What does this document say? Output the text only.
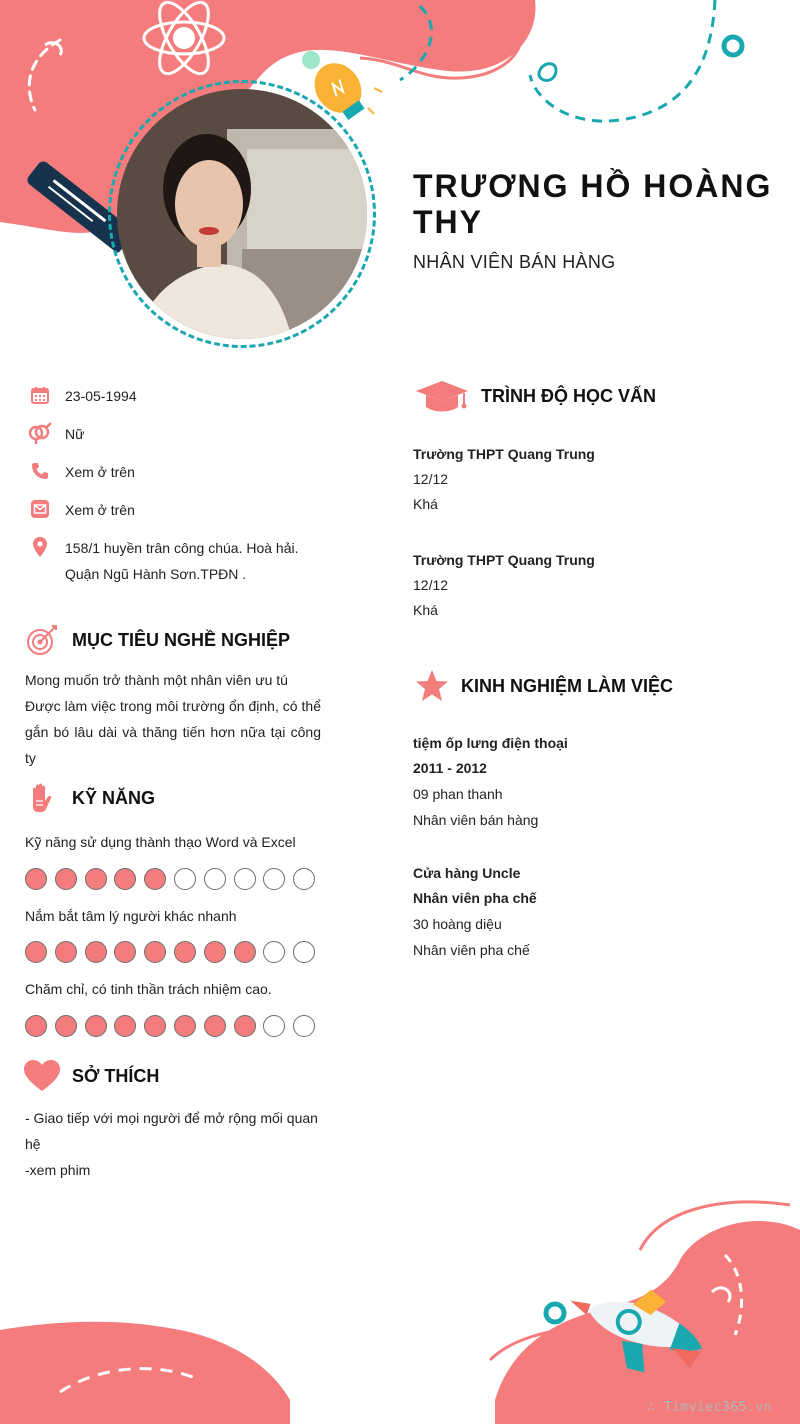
TRƯƠNG HỒ HOÀNG THY
NHÂN VIÊN BÁN HÀNG
23-05-1994
Nữ
Xem ở trên
Xem ở trên
158/1 huyền trân công chúa. Hoà hải. Quận Ngũ Hành Sơn.TPĐN .
MỤC TIÊU NGHỀ NGHIỆP
Mong muốn trở thành một nhân viên ưu tú
Được làm việc trong môi trường ổn định, có thể gắn bó lâu dài và thăng tiến hơn nữa tại công ty
KỸ NĂNG
Kỹ năng sử dụng thành thạo Word và Excel
Nắm bắt tâm lý người khác nhanh
Chăm chỉ, có tinh thần trách nhiệm cao.
SỞ THÍCH
- Giao tiếp với mọi người để mở rộng mối quan hệ
-xem phim
TRÌNH ĐỘ HỌC VẤN
Trường THPT Quang Trung
12/12
Khá
Trường THPT Quang Trung
12/12
Khá
KINH NGHIỆM LÀM VIỆC
tiệm ốp lưng điện thoại
2011 - 2012
09 phan thanh
Nhân viên bán hàng
Cửa hàng Uncle
Nhân viên pha chế
30 hoàng diệu
Nhân viên pha chế
∴ Timviec365.vn
